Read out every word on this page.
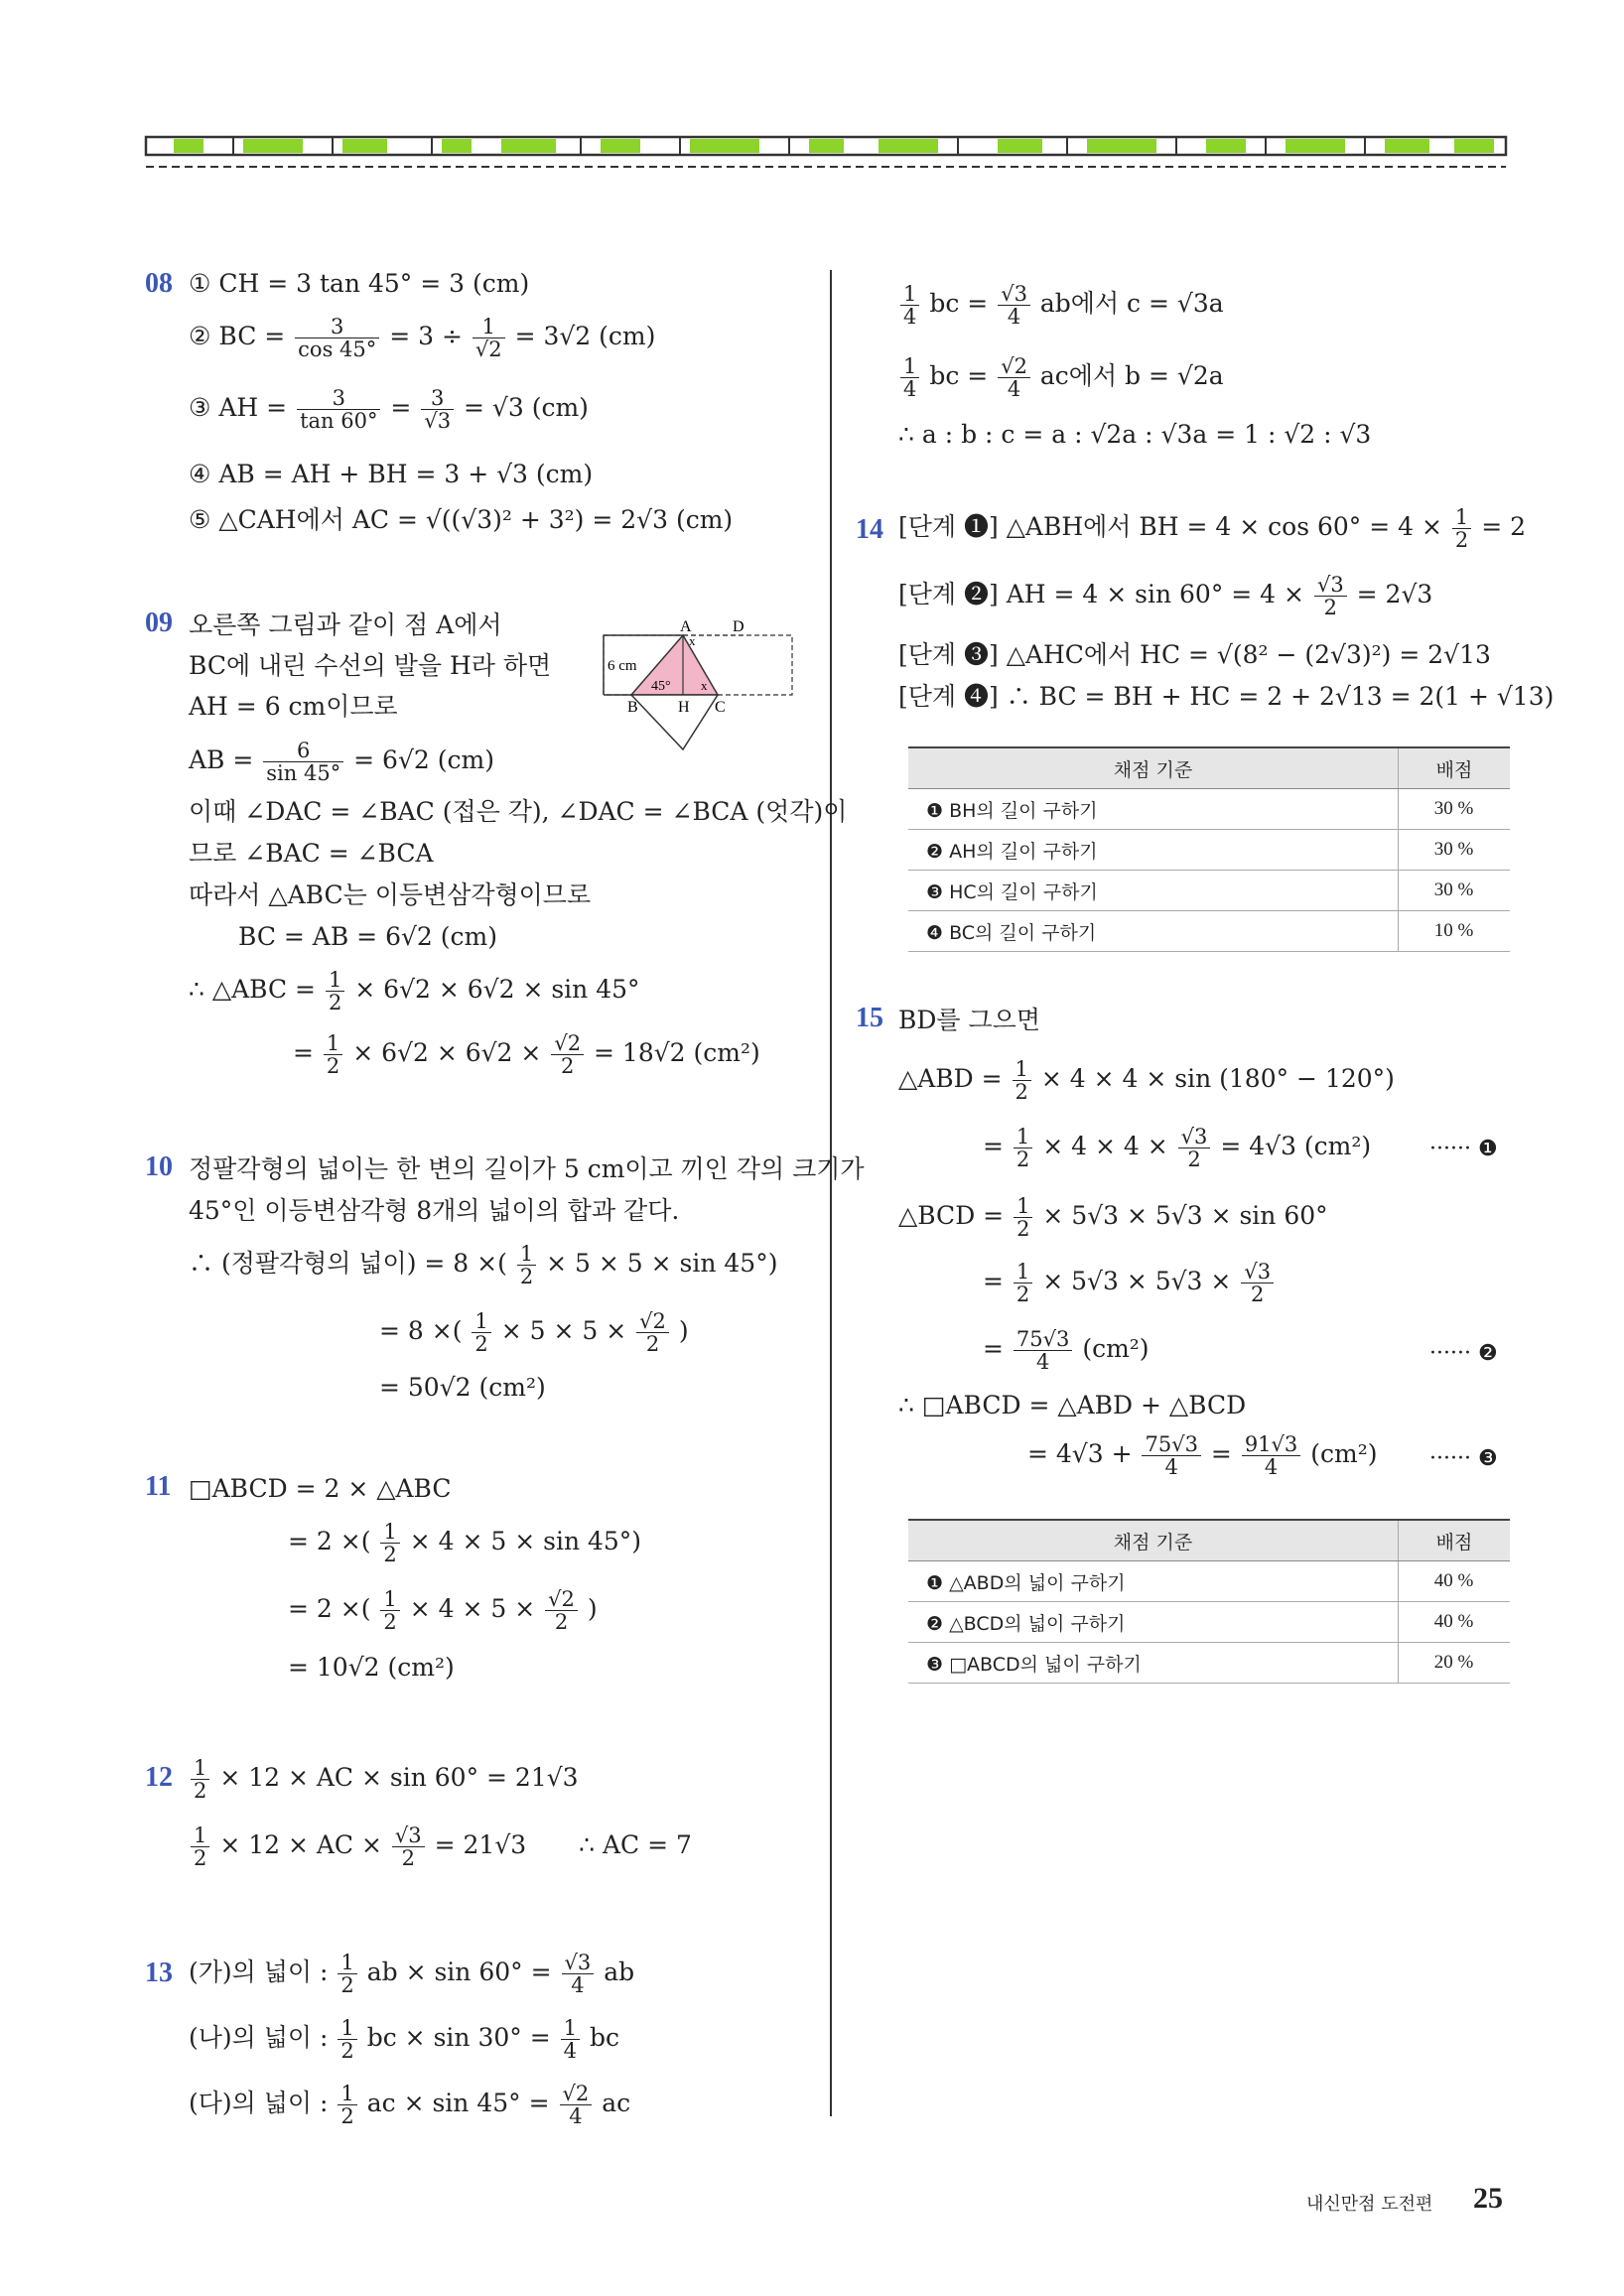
08 ① CH = 3 tan 45° = 3 (cm)
② BC = $\frac{3}{\cos 45^\circ} = 3 \div \frac{1}{√2} = 3√2$ (cm)
③ AH = $\frac{3}{\tan 60^\circ} = \frac{3}{√3} = √3$ (cm)
④ AB = AH + BH = 3 + √3 (cm)
⑤ △CAH에서 AC = √((√3)² + 3²) = 2√3 (cm)
09 오른쪽 그림과 같이 점 A에서
BC에 내린 수선의 발을 H라 하면
AH = 6 cm이므로
AB = $\frac{6}{\sin 45^\circ} = 6√2$ (cm)
이때 ∠DAC = ∠BAC (접은 각), ∠DAC = ∠BCA (엇각)이
므로 ∠BAC = ∠BCA
따라서 △ABC는 이등변삼각형이므로
BC = AB = 6√2 (cm)
∴ △ABC = $\frac{1}{2} \times 6√2 \times 6√2 \times \sin 45^\circ$
= $\frac{1}{2} \times 6√2 \times 6√2 \times \frac{√2}{2} = 18√2$ (cm²)
A	D
B	H C
6 cm
45°
x
x
10 정팔각형의 넓이는 한 변의 길이가 5 cm이고 끼인 각의 크기가
45°인 이등변삼각형 8개의 넓이의 합과 같다.
∴ (정팔각형의 넓이) = 8 ×( $\frac{1}{2} \times 5 \times 5 \times \sin 45^\circ$)
= 8 ×( $\frac{1}{2} \times 5 \times 5 \times \frac{√2}{2}$ )
= 50√2 (cm²)
11 □ABCD = 2 × △ABC
= 2 ×( $\frac{1}{2} \times 4 \times 5 \times \sin 45^\circ$)
= 2 ×( $\frac{1}{2} \times 4 \times 5 \times \frac{√2}{2}$ )
= 10√2 (cm²)
$12 \frac{1}{2} \times 12$ × AC × sin 60° = 21√3
$\frac{1}{2} \times 12$ × AC × $\frac{√3}{2} = 21√3$ ∴ AC = 7
13 (가)의 넓이 : $\frac{1}{2}$ ab × $\sin 60^\circ = \frac{√3}{4}$ ab
(나)의 넓이 : $\frac{1}{2}$ bc × $\sin 30^\circ = \frac{1}{4}$ bc
(다)의 넓이 : $\frac{1}{2}$ ac × $\sin 45^\circ = \frac{√2}{4}$ ac
$\frac{1}{4}$ bc = $\frac{√3}{4}$ ab에서 c = √3a
$\frac{1}{4}$ bc = $\frac{√2}{4}$ ac에서 b = √2a
∴ a : b : c = a : √2a : √3a = 1 : √2 : √3
14 [단계 ❶] △ABH에서 BH = $4 \times \cos 60^\circ = 4 \times \frac{1}{2} = 2$
[단계 ❷] AH = $4 \times \sin 60^\circ = 4 \times \frac{√3}{2} = 2√3$
[단계 ❸] △AHC에서 HC = √(8² − (2√3)²) = 2√13
[단계 ❹] ∴ BC = BH + HC = 2 + 2√13 = 2(1 + √13)
채점 기준	배점
❶ BH의 길이 구하기	30 %
❷ AH의 길이 구하기	30 %
❸ HC의 길이 구하기	30 %
❹ BC의 길이 구하기	10 %
15 BD를 그으면
△ABD = $\frac{1}{2} \times 4 \times 4 \times \sin (180^\circ - 120^\circ)$
= $\frac{1}{2} \times 4 \times 4 \times \frac{√3}{2} = 4√3$ (cm²)	······ ❶
△BCD = $\frac{1}{2} \times 5√3 \times 5√3 \times \sin 60^\circ$
= $\frac{1}{2} \times 5√3 \times 5√3 \times \frac{√3}{2}$
= $\frac{75√3}{4} (cm^2)$	······ ❷
∴ □ABCD = △ABD + △BCD
= $4√3 + \frac{75√3}{4} = \frac{91√3}{4} (cm^2)$ ······ ❸
채점 기준	배점
❶ △ABD의 넓이 구하기	40 %
❷ △BCD의 넓이 구하기	40 %
❸ □ABCD의 넓이 구하기	20 %
내신만점 도전편 25
